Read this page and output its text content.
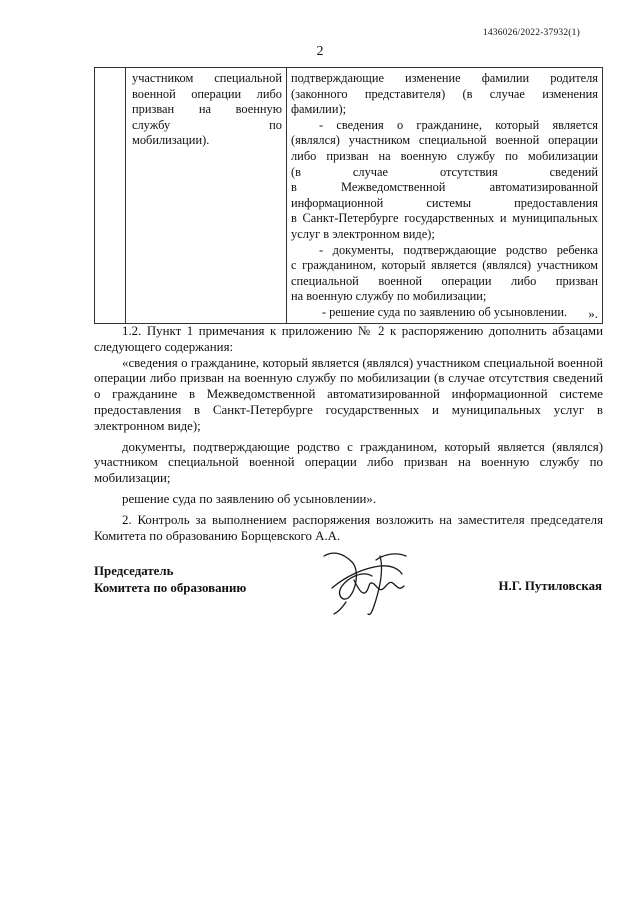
1436026/2022-37932(1)
2

участником специальной
военной операции либо
призван на военную
службу по
мобилизации).

подтверждающие изменение фамилии родителя
(законного представителя) (в случае изменения
фамилии);
- сведения о гражданине, который является
(являлся) участником специальной военной операции
либо призван на военную службу по мобилизации
(в случае отсутствия сведений
в Межведомственной автоматизированной
информационной системы предоставления
в Санкт-Петербурге государственных и муниципальных
услуг в электронном виде);
- документы, подтверждающие родство ребенка
с гражданином, который является (являлся) участником
специальной военной операции либо призван
на военную службу по мобилизации;
- решение суда по заявлению об усыновлении.	».

1.2. Пункт 1 примечания к приложению № 2 к распоряжению дополнить абзацами следующего содержания:

«сведения о гражданине, который является (являлся) участником специальной военной операции либо призван на военную службу по мобилизации (в случае отсутствия сведений о гражданине в Межведомственной автоматизированной информационной системе предоставления в Санкт-Петербурге государственных и муниципальных услуг в электронном виде);

документы, подтверждающие родство с гражданином, который является (являлся) участником специальной военной операции либо призван на военную службу по мобилизации;

решение суда по заявлению об усыновлении».

2. Контроль за выполнением распоряжения возложить на заместителя председателя Комитета по образованию Борщевского А.А.

Председатель
Комитета по образованию	Н.Г. Путиловская
